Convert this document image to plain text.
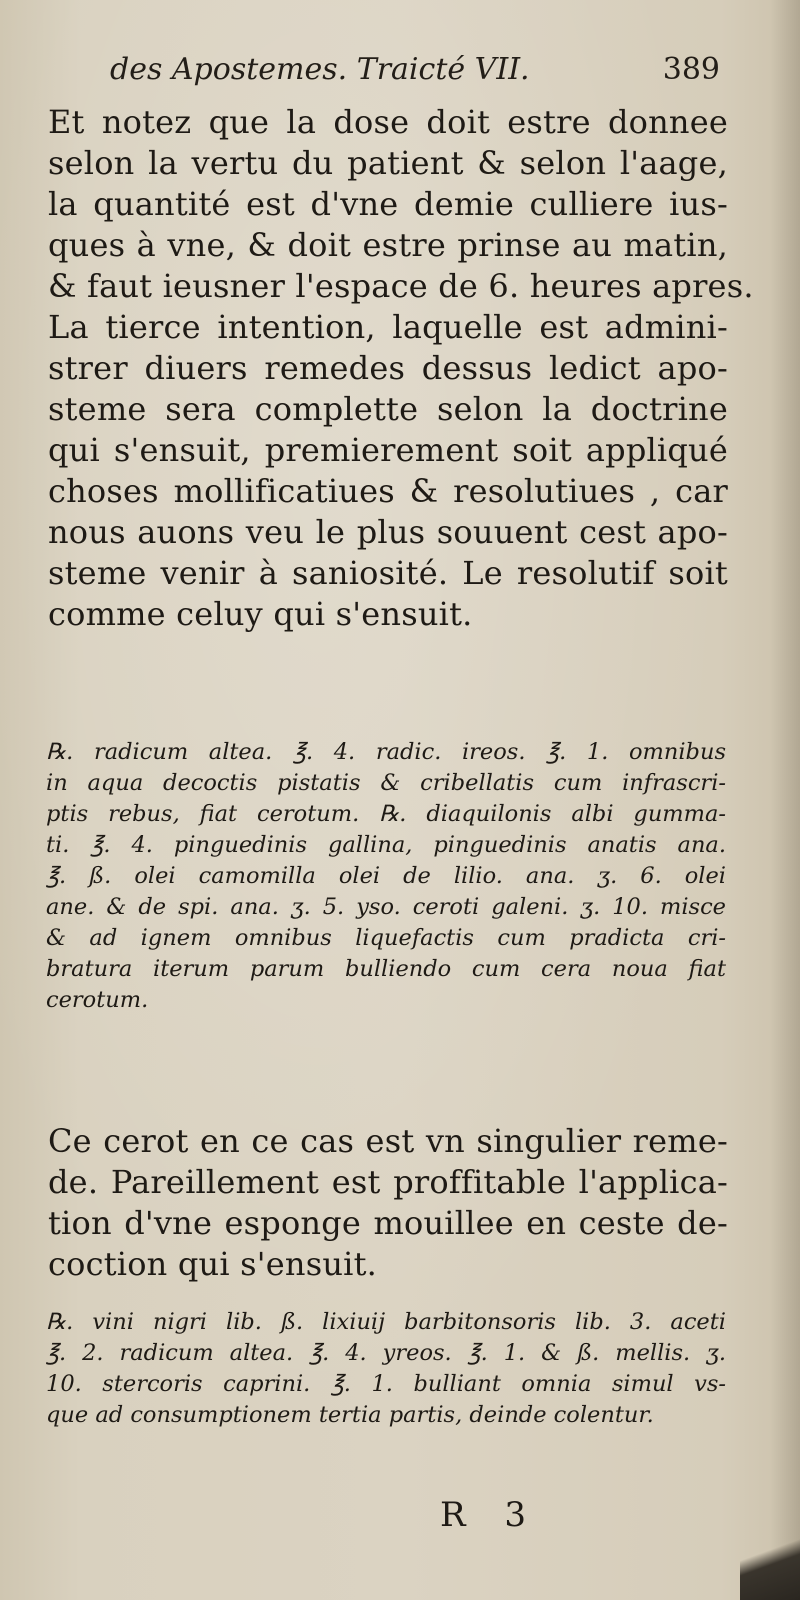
des Apostemes. Traicté VII.	389
Et notez que la dose doit estre donnee
selon la vertu du patient & selon l'aage,
la quantité est d'vne demie culliere ius-
ques à vne, & doit estre prinse au matin,
& faut ieusner l'espace de 6. heures apres.
La tierce intention, laquelle est admini-
strer diuers remedes dessus ledict apo-
steme sera complette selon la doctrine
qui s'ensuit, premierement soit appliqué
choses mollificatiues & resolutiues , car
nous auons veu le plus souuent cest apo-
steme venir à saniosité. Le resolutif soit
comme celuy qui s'ensuit.
℞. radicum altea. ℥. 4. radic. ireos. ℥. 1. omnibus
in aqua decoctis pistatis & cribellatis cum infrascri-
ptis rebus, fiat cerotum. ℞. diaquilonis albi gumma-
ti. ℥. 4. pinguedinis gallina, pinguedinis anatis ana.
℥. ß. olei camomilla olei de lilio. ana. ʒ. 6. olei
ane. & de spi. ana. ʒ. 5. yso. ceroti galeni. ʒ. 10. misce
& ad ignem omnibus liquefactis cum pradicta cri-
bratura iterum parum bulliendo cum cera noua fiat
cerotum.
Ce cerot en ce cas est vn singulier reme-
de. Pareillement est proffitable l'applica-
tion d'vne esponge mouillee en ceste de-
coction qui s'ensuit.
℞. vini nigri lib. ß. lixiuij barbitonsoris lib. 3. aceti
℥. 2. radicum altea. ℥. 4. yreos. ℥. 1. & ß. mellis. ʒ.
10. stercoris caprini. ℥. 1. bulliant omnia simul vs-
que ad consumptionem tertia partis, deinde colentur.
R 3
